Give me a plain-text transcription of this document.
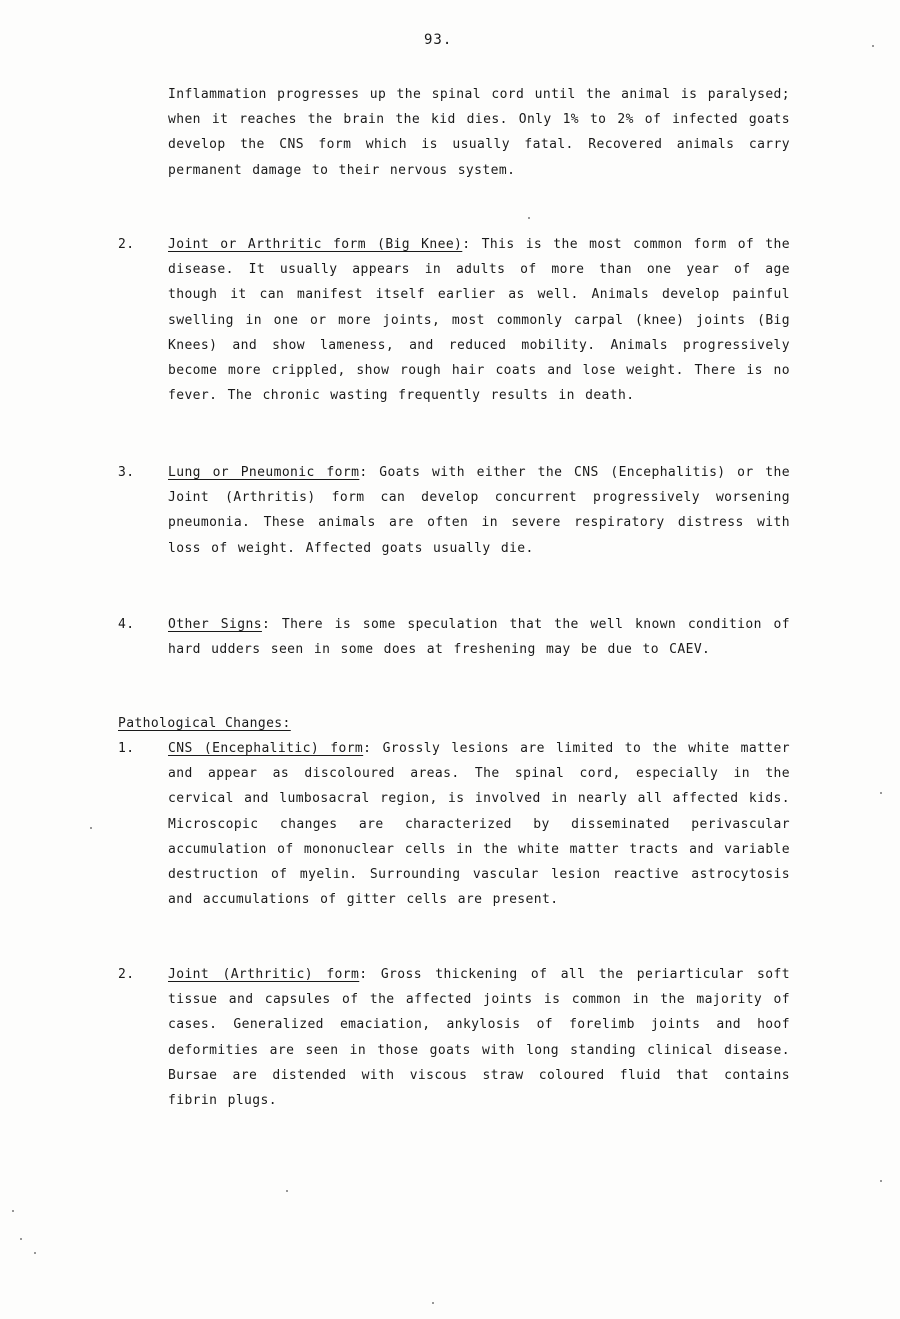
93.

Inflammation progresses up the spinal cord until the animal is paralysed; when it reaches the brain the kid dies. Only 1% to 2% of infected goats develop the CNS form which is usually fatal. Recovered animals carry permanent damage to their nervous system.

2.	Joint or Arthritic form (Big Knee): This is the most common form of the disease. It usually appears in adults of more than one year of age though it can manifest itself earlier as well. Animals develop painful swelling in one or more joints, most commonly carpal (knee) joints (Big Knees) and show lameness, and reduced mobility. Animals progressively become more crippled, show rough hair coats and lose weight. There is no fever. The chronic wasting frequently results in death.
3.	Lung or Pneumonic form: Goats with either the CNS (Encephalitis) or the Joint (Arthritis) form can develop concurrent progressively worsening pneumonia. These animals are often in severe respiratory distress with loss of weight. Affected goats usually die.
4.	Other Signs: There is some speculation that the well known condition of hard udders seen in some does at freshening may be due to CAEV.
Pathological Changes:
1.	CNS (Encephalitic) form: Grossly lesions are limited to the white matter and appear as discoloured areas. The spinal cord, especially in the cervical and lumbosacral region, is involved in nearly all affected kids. Microscopic changes are characterized by disseminated perivascular accumulation of mononuclear cells in the white matter tracts and variable destruction of myelin. Surrounding vascular lesion reactive astrocytosis and accumulations of gitter cells are present.
2.	Joint (Arthritic) form: Gross thickening of all the periarticular soft tissue and capsules of the affected joints is common in the majority of cases. Generalized emaciation, ankylosis of forelimb joints and hoof deformities are seen in those goats with long standing clinical disease. Bursae are distended with viscous straw coloured fluid that contains fibrin plugs.
